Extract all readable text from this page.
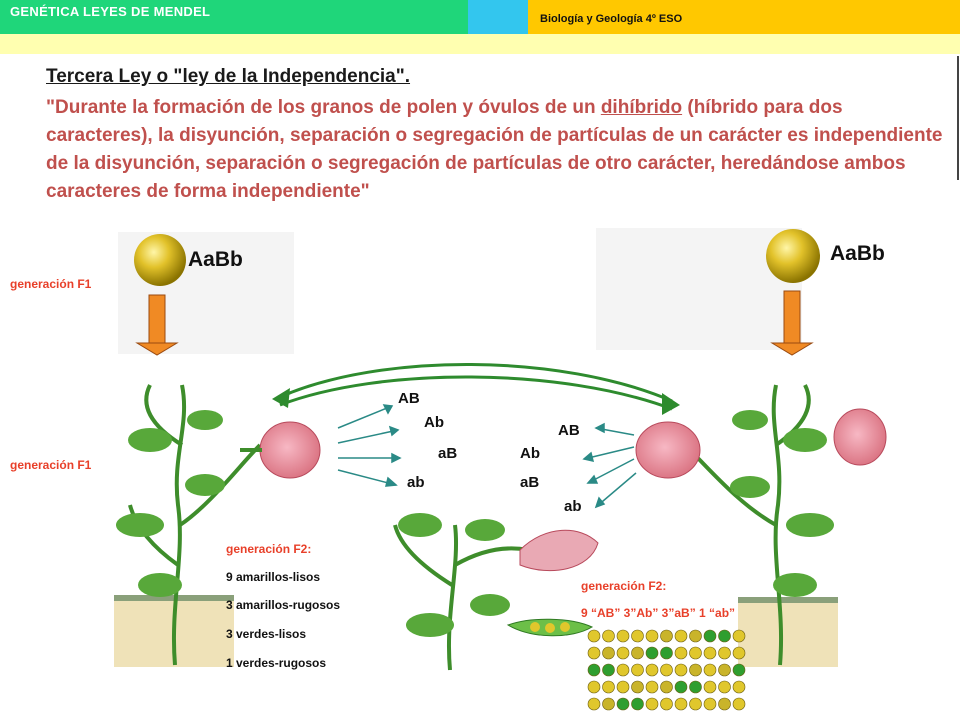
GENÉTICA LEYES DE MENDEL	Biología y Geología 4º ESO
Tercera Ley o "ley de la Independencia".
"Durante la formación de los granos de polen y óvulos de un dihíbrido (híbrido para dos caracteres), la disyunción, separación o segregación de partículas de un carácter es independiente de la disyunción, separación o segregación de partículas de otro carácter, heredándose ambos caracteres de forma independiente"
AaBb	AaBb
generación F1
generación F1
AB
Ab
aB
ab
AB
Ab
aB
ab
generación F2:
9 amarillos-lisos
3 amarillos-rugosos
3 verdes-lisos
1 verdes-rugosos
generación F2:
9 “AB” 3”Ab” 3”aB” 1 “ab”
